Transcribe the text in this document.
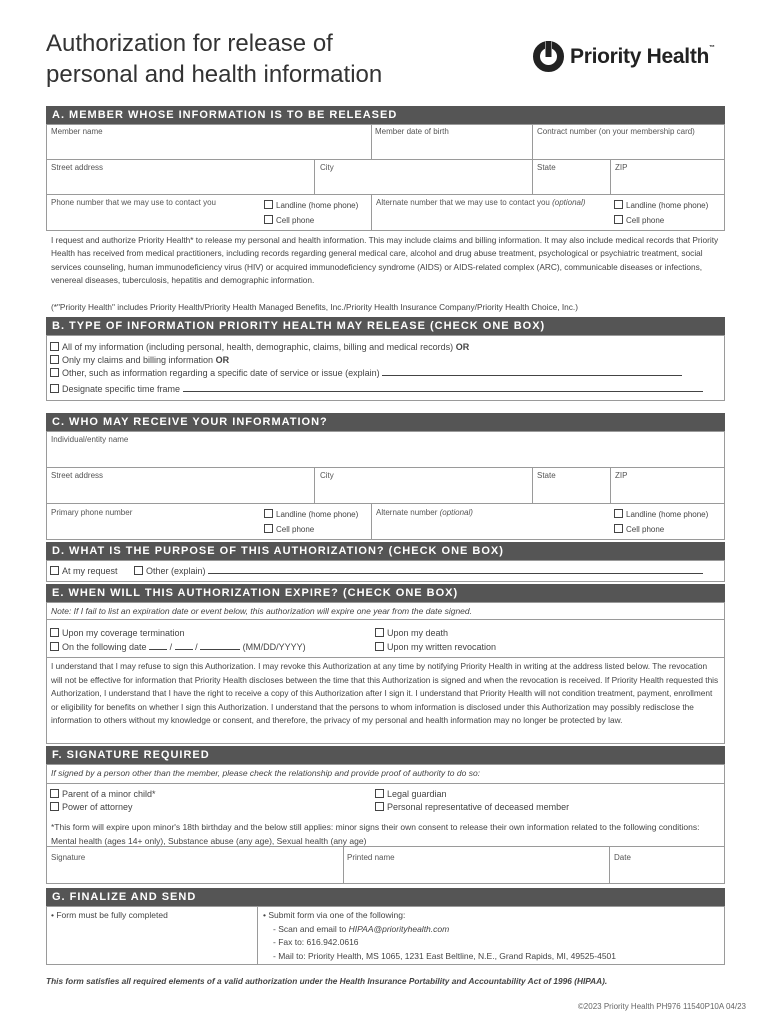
Authorization for release of
personal and health information
Priority Health™
A. MEMBER WHOSE INFORMATION IS TO BE RELEASED
Member name	Member date of birth	Contract number (on your membership card)
Street address	City	State	ZIP
Phone number that we may use to contact you	Landline (home phone)
Cell phone
Alternate number that we may use to contact you (optional)	Landline (home phone)
Cell phone
I request and authorize Priority Health* to release my personal and health information. This may include claims and billing information. It may also include medical records that Priority Health has received from medical practitioners, including records regarding general medical care, alcohol and drug abuse treatment, psychological or psychiatric treatment, social services counseling, human immunodeficiency virus (HIV) or acquired immunodeficiency syndrome (AIDS) or AIDS-related complex (ARC), communicable diseases or infections, venereal diseases, tuberculosis, hepatitis and demographic information.
(*"Priority Health" includes Priority Health/Priority Health Managed Benefits, Inc./Priority Health Insurance Company/Priority Health Choice, Inc.)
B. TYPE OF INFORMATION PRIORITY HEALTH MAY RELEASE (CHECK ONE BOX)
All of my information (including personal, health, demographic, claims, billing and medical records) OR
Only my claims and billing information OR
Other, such as information regarding a specific date of service or issue (explain)
Designate specific time frame
C. WHO MAY RECEIVE YOUR INFORMATION?
Individual/entity name
Street address	City	State	ZIP
Primary phone number	Landline (home phone)
Cell phone
Alternate number (optional)	Landline (home phone)
Cell phone
D. WHAT IS THE PURPOSE OF THIS AUTHORIZATION? (CHECK ONE BOX)
At my request	Other (explain)
E. WHEN WILL THIS AUTHORIZATION EXPIRE? (CHECK ONE BOX)
Note: If I fail to list an expiration date or event below, this authorization will expire one year from the date signed.
Upon my coverage termination
On the following date  /  /	(MM/DD/YYYY)
Upon my death
Upon my written revocation
I understand that I may refuse to sign this Authorization. I may revoke this Authorization at any time by notifying Priority Health in writing at the address listed below. The revocation will not be effective for information that Priority Health discloses between the time that this Authorization is signed and when the revocation is received. If Priority Health requested this Authorization, I understand that I have the right to receive a copy of this Authorization after I sign it. I understand that Priority Health will not condition treatment, payment, enrollment or eligibility for benefits on whether I sign this Authorization. I understand that the persons to whom information is disclosed under this Authorization may possibly redisclose the information to others without my knowledge or consent, and therefore, the privacy of my personal and health information may no longer be protected by law.
F. SIGNATURE REQUIRED
If signed by a person other than the member, please check the relationship and provide proof of authority to do so:
Parent of a minor child*
Power of attorney
Legal guardian
Personal representative of deceased member
*This form will expire upon minor's 18th birthday and the below still applies: minor signs their own consent to release their own information related to the following conditions: Mental health (ages 14+ only), Substance abuse (any age), Sexual health (any age)
Signature	Printed name	Date
G. FINALIZE AND SEND
• Form must be fully completed	• Submit form via one of the following:
- Scan and email to HIPAA@priorityhealth.com
- Fax to: 616.942.0616
- Mail to: Priority Health, MS 1065, 1231 East Beltline, N.E., Grand Rapids, MI, 49525-4501
This form satisfies all required elements of a valid authorization under the Health Insurance Portability and Accountability Act of 1996 (HIPAA).
©2023 Priority Health PH976 11540P10A 04/23
